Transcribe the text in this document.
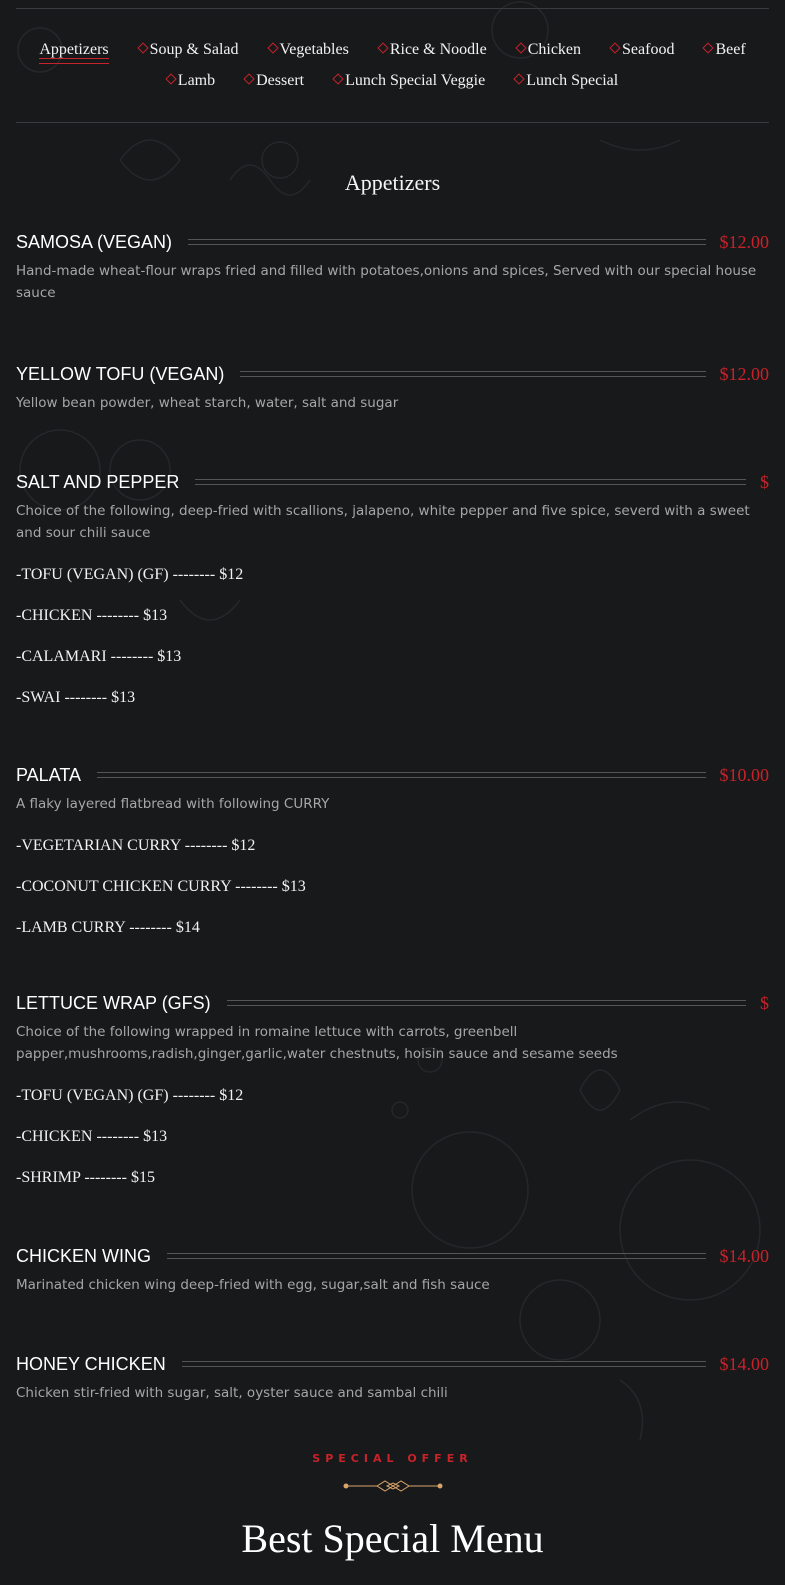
Appetizers	Soup & Salad	Vegetables	Rice & Noodle	Chicken	Seafood	BeefLamb	Dessert	Lunch Special Veggie	Lunch Special
Appetizers
SAMOSA (VEGAN)	$12.00
Hand-made wheat-flour wraps fried and filled with potatoes,onions and spices, Served with our special house sauce
YELLOW TOFU (VEGAN)	$12.00
Yellow bean powder, wheat starch, water, salt and sugar
SALT AND PEPPER	$
Choice of the following, deep-fried with scallions, jalapeno, white pepper and five spice, severd with a sweet and sour chili sauce
-TOFU (VEGAN) (GF) -------- $12
-CHICKEN -------- $13
-CALAMARI -------- $13
-SWAI -------- $13
PALATA	$10.00
A flaky layered flatbread with following CURRY
-VEGETARIAN CURRY -------- $12
-COCONUT CHICKEN CURRY -------- $13
-LAMB CURRY -------- $14
LETTUCE WRAP (GFS)	$
Choice of the following wrapped in romaine lettuce with carrots, greenbell papper,mushrooms,radish,ginger,garlic,water chestnuts, hoisin sauce and sesame seeds
-TOFU (VEGAN) (GF) -------- $12
-CHICKEN -------- $13
-SHRIMP -------- $15
CHICKEN WING	$14.00
Marinated chicken wing deep-fried with egg, sugar,salt and fish sauce
HONEY CHICKEN	$14.00
Chicken stir-fried with sugar, salt, oyster sauce and sambal chili
SPECIAL OFFER
Best Special Menu
